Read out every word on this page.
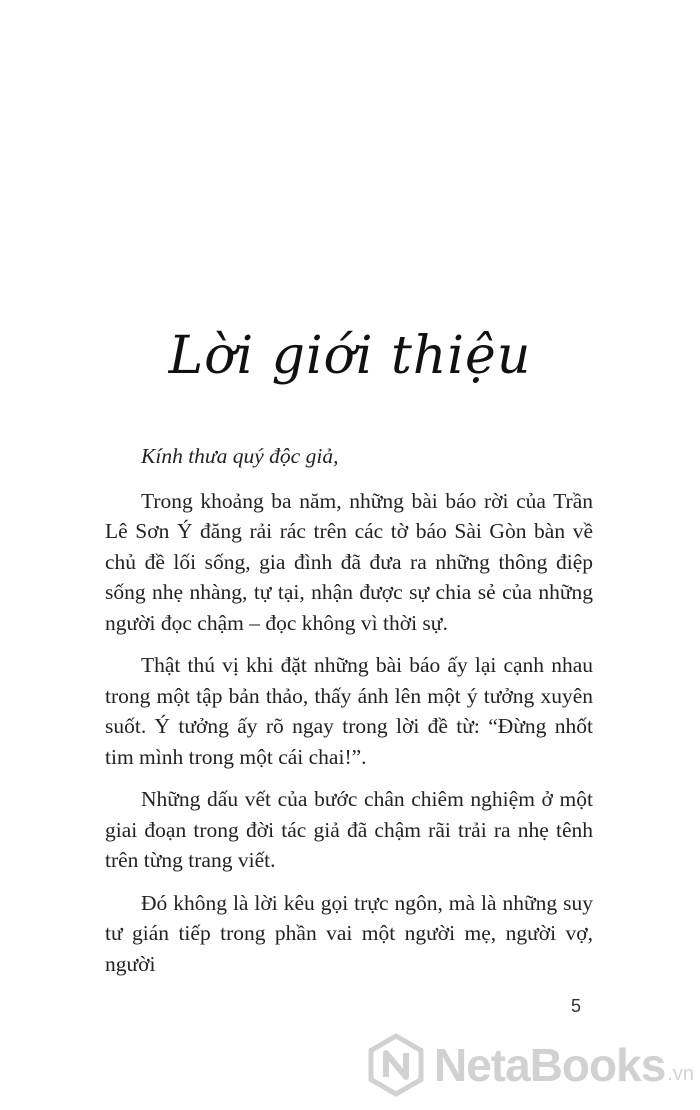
Lời giới thiệu

Kính thưa quý độc giả,

Trong khoảng ba năm, những bài báo rời của Trần Lê Sơn Ý đăng rải rác trên các tờ báo Sài Gòn bàn về chủ đề lối sống, gia đình đã đưa ra những thông điệp sống nhẹ nhàng, tự tại, nhận được sự chia sẻ của những người đọc chậm – đọc không vì thời sự.

Thật thú vị khi đặt những bài báo ấy lại cạnh nhau trong một tập bản thảo, thấy ánh lên một ý tưởng xuyên suốt. Ý tưởng ấy rõ ngay trong lời đề từ: “Đừng nhốt tim mình trong một cái chai!”.

Những dấu vết của bước chân chiêm nghiệm ở một giai đoạn trong đời tác giả đã chậm rãi trải ra nhẹ tênh trên từng trang viết.

Đó không là lời kêu gọi trực ngôn, mà là những suy tư gián tiếp trong phần vai một người mẹ, người vợ, người

5
NetaBooks .vn
